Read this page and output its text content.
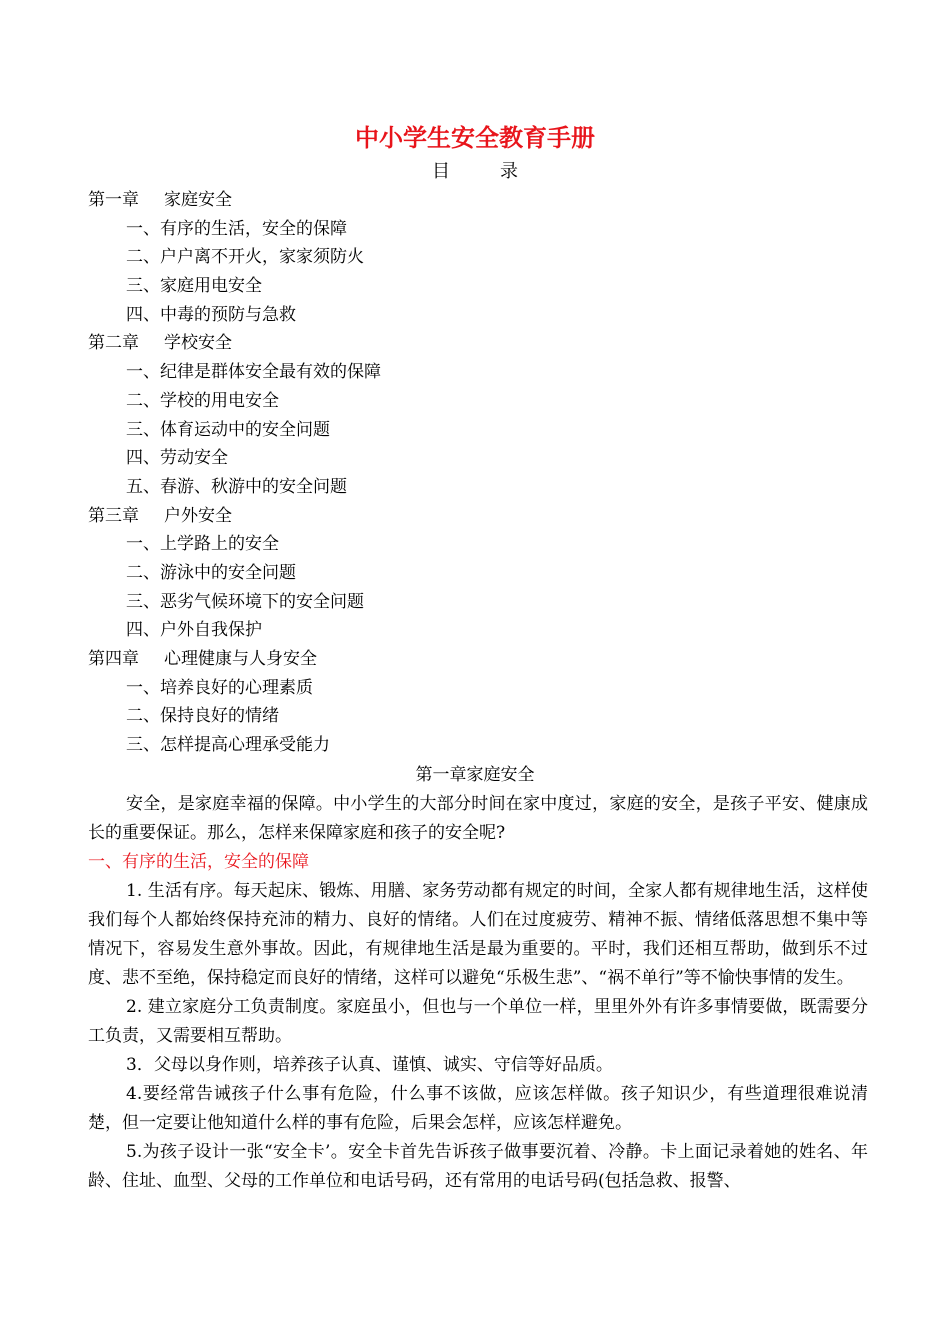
中小学生安全教育手册
目	录
第一章 家庭安全
一、有序的生活，安全的保障
二、户户离不开火，家家须防火
三、家庭用电安全
四、中毒的预防与急救
第二章 学校安全
一、纪律是群体安全最有效的保障
二、学校的用电安全
三、体育运动中的安全问题
四、劳动安全
五、春游、秋游中的安全问题
第三章 户外安全
一、上学路上的安全
二、游泳中的安全问题
三、恶劣气候环境下的安全问题
四、户外自我保护
第四章 心理健康与人身安全
一、培养良好的心理素质
二、保持良好的情绪
三、怎样提高心理承受能力
第一章家庭安全

安全，是家庭幸福的保障。中小学生的大部分时间在家中度过，家庭的安全，是孩子平安、健康成长的重要保证。那么，怎样来保障家庭和孩子的安全呢?

一、有序的生活，安全的保障

1. 生活有序。每天起床、锻炼、用膳、家务劳动都有规定的时间，全家人都有规律地生活，这样使我们每个人都始终保持充沛的精力、良好的情绪。人们在过度疲劳、精神不振、情绪低落思想不集中等情况下，容易发生意外事故。因此，有规律地生活是最为重要的。平时，我们还相互帮助，做到乐不过度、悲不至绝，保持稳定而良好的情绪，这样可以避免“乐极生悲”、“祸不单行”等不愉快事情的发生。

2. 建立家庭分工负责制度。家庭虽小，但也与一个单位一样，里里外外有许多事情要做，既需要分工负责，又需要相互帮助。

3．父母以身作则，培养孩子认真、谨慎、诚实、守信等好品质。

4.要经常告诫孩子什么事有危险，什么事不该做，应该怎样做。孩子知识少，有些道理很难说清楚，但一定要让他知道什么样的事有危险，后果会怎样，应该怎样避免。

5.为孩子设计一张“安全卡’。安全卡首先告诉孩子做事要沉着、冷静。卡上面记录着她的姓名、年龄、住址、血型、父母的工作单位和电话号码，还有常用的电话号码(包括急救、报警、
